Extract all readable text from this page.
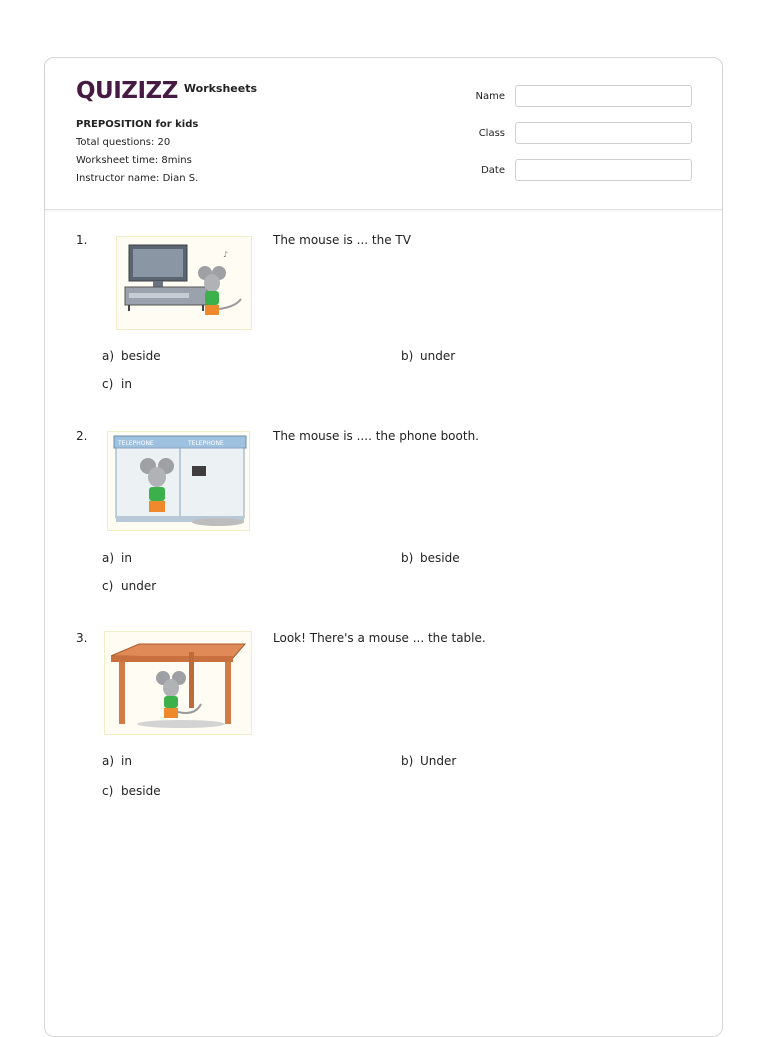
QUIZIZZ Worksheets
PREPOSITION for kids
Total questions: 20
Worksheet time: 8mins
Instructor name: Dian S.
Name
Class
Date
1.
♪
The mouse is ... the TV
a) beside	b) under
c) in
2.
TELEPHONE	TELEPHONE
The mouse is .... the phone booth.
a) in	b) beside
c) under
3.	Look! There's a mouse ... the table.
a) in	b) Under
c) beside
